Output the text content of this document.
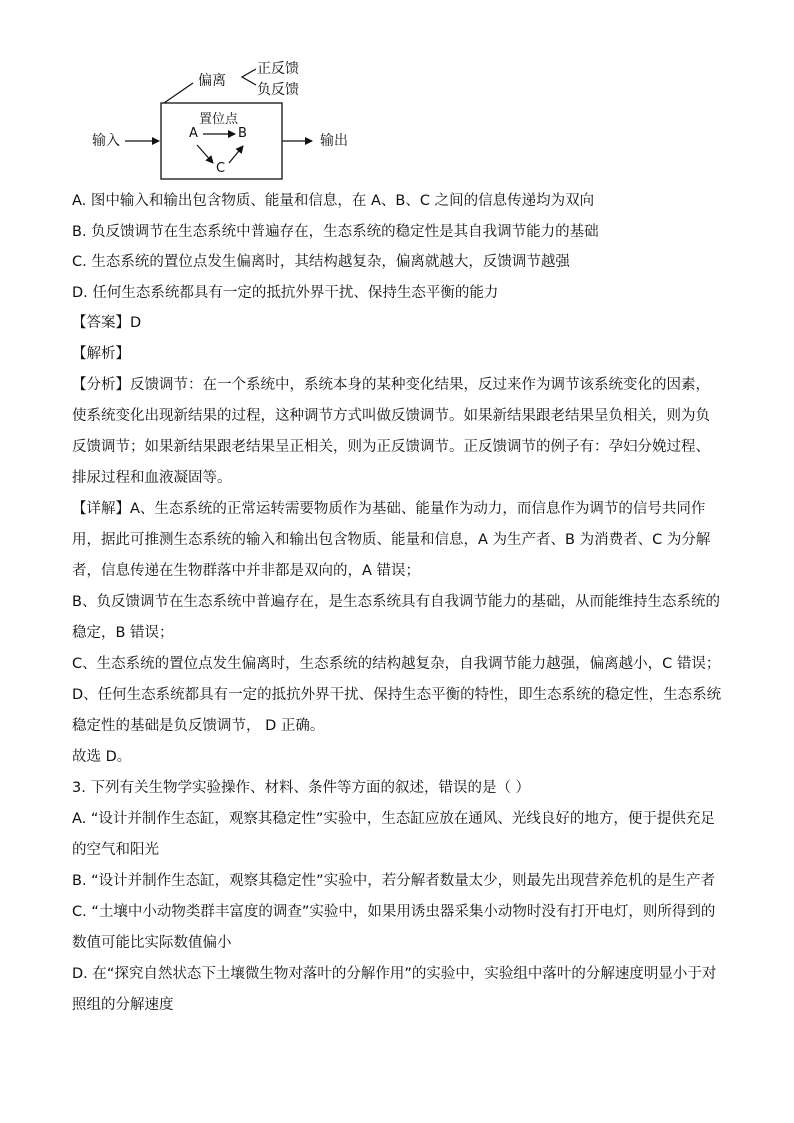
偏离
正反馈
负反馈
输入	输出
置位点
A	B
C
A. 图中输入和输出包含物质、能量和信息，在 A、B、C 之间的信息传递均为双向
B. 负反馈调节在生态系统中普遍存在，生态系统的稳定性是其自我调节能力的基础
C. 生态系统的置位点发生偏离时，其结构越复杂，偏离就越大，反馈调节越强
D. 任何生态系统都具有一定的抵抗外界干扰、保持生态平衡的能力
【答案】D
【解析】
【分析】反馈调节：在一个系统中，系统本身的某种变化结果，反过来作为调节该系统变化的因素，使系统变化出现新结果的过程，这种调节方式叫做反馈调节。如果新结果跟老结果呈负相关，则为负反馈调节；如果新结果跟老结果呈正相关，则为正反馈调节。正反馈调节的例子有：孕妇分娩过程、排尿过程和血液凝固等。
【详解】A、生态系统的正常运转需要物质作为基础、能量作为动力，而信息作为调节的信号共同作用，据此可推测生态系统的输入和输出包含物质、能量和信息，A 为生产者、B 为消费者、C 为分解者，信息传递在生物群落中并非都是双向的，A 错误；
B、负反馈调节在生态系统中普遍存在，是生态系统具有自我调节能力的基础，从而能维持生态系统的稳定，B 错误；
C、生态系统的置位点发生偏离时，生态系统的结构越复杂，自我调节能力越强，偏离越小，C 错误；
D、任何生态系统都具有一定的抵抗外界干扰、保持生态平衡的特性，即生态系统的稳定性，生态系统稳定性的基础是负反馈调节， D 正确。
故选 D。
3. 下列有关生物学实验操作、材料、条件等方面的叙述，错误的是（ ）
A. “设计并制作生态缸，观察其稳定性”实验中，生态缸应放在通风、光线良好的地方，便于提供充足的空气和阳光
B. “设计并制作生态缸，观察其稳定性”实验中，若分解者数量太少，则最先出现营养危机的是生产者
C. “土壤中小动物类群丰富度的调查”实验中，如果用诱虫器采集小动物时没有打开电灯，则所得到的数值可能比实际数值偏小
D. 在“探究自然状态下土壤微生物对落叶的分解作用”的实验中，实验组中落叶的分解速度明显小于对照组的分解速度
